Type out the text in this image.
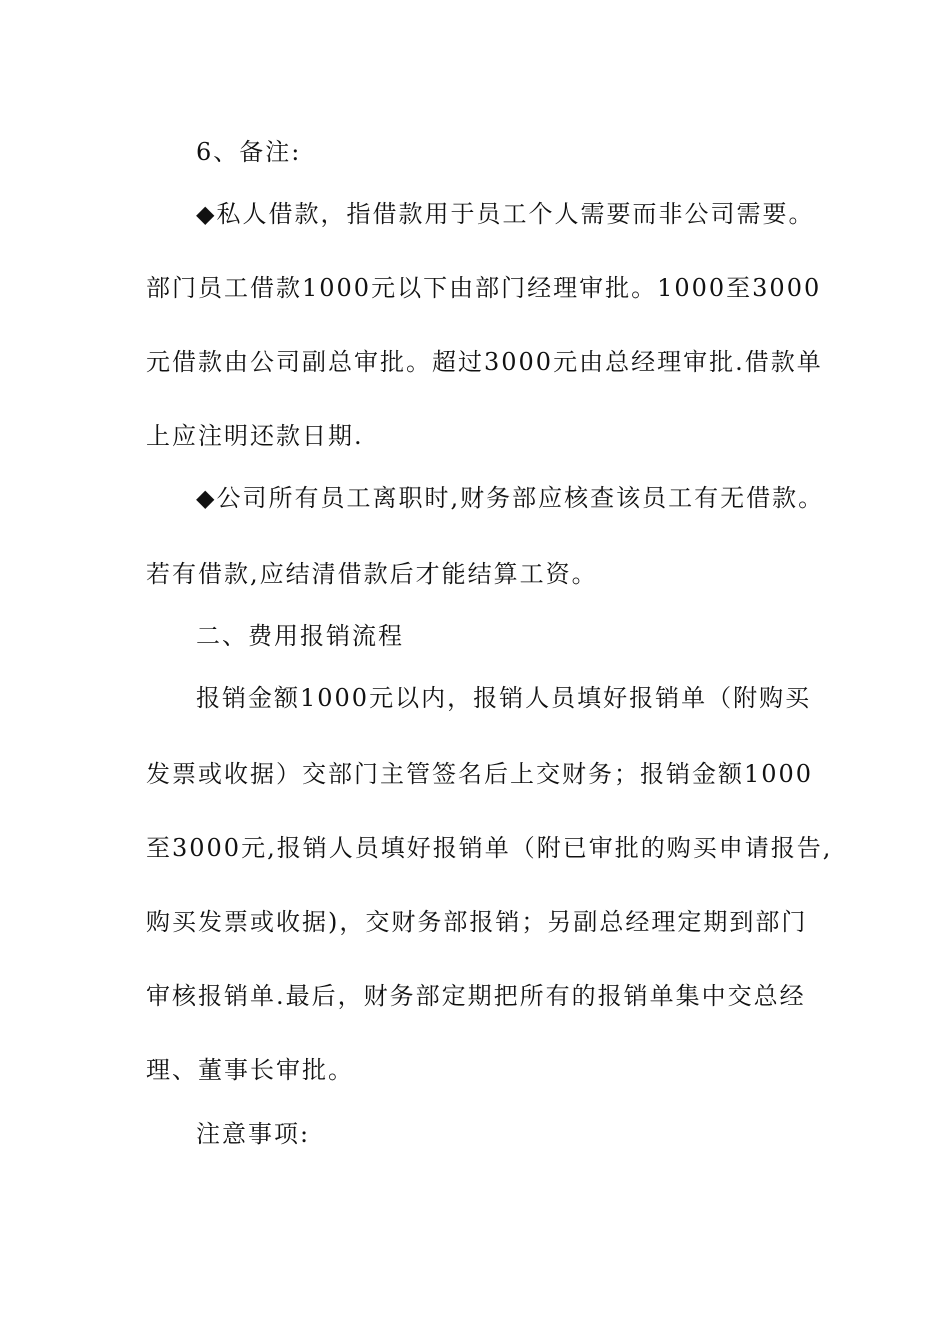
6、备注:
◆私人借款，指借款用于员工个人需要而非公司需要。
部门员工借款1000元以下由部门经理审批。1000至3000
元借款由公司副总审批。超过3000元由总经理审批.借款单
上应注明还款日期.
◆公司所有员工离职时,财务部应核查该员工有无借款。
若有借款,应结清借款后才能结算工资。
二、费用报销流程
报销金额1000元以内，报销人员填好报销单（附购买
发票或收据）交部门主管签名后上交财务；报销金额1000
至3000元,报销人员填好报销单（附已审批的购买申请报告,
购买发票或收据)，交财务部报销；另副总经理定期到部门
审核报销单.最后，财务部定期把所有的报销单集中交总经
理、董事长审批。
注意事项:
